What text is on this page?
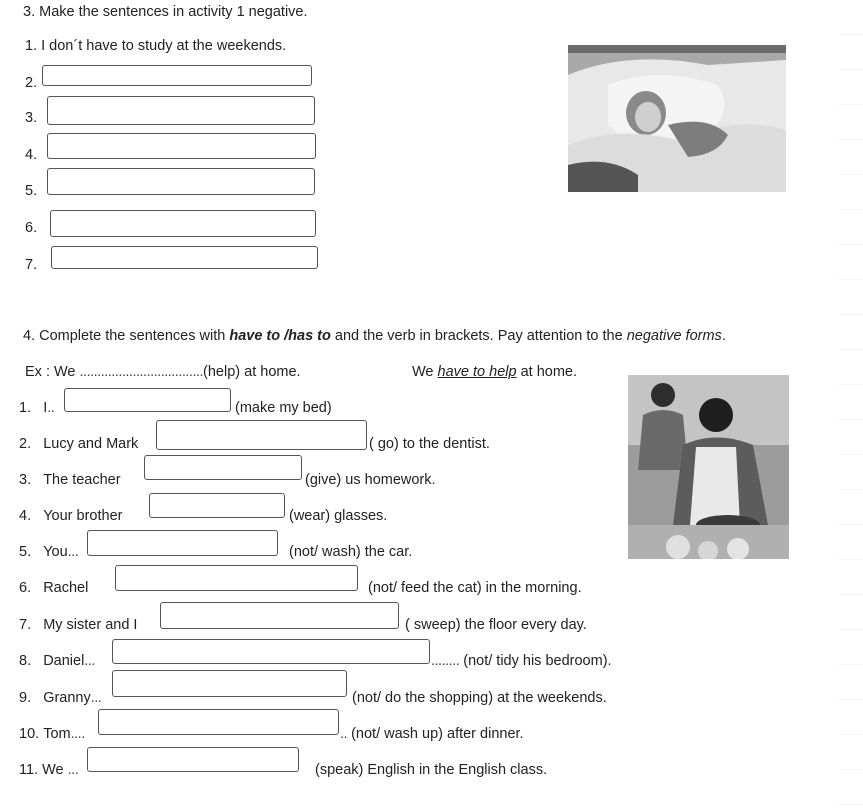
3. Make the sentences in activity 1 negative.
1. I don´t have to study at the weekends.
2.
3.
4.
5.
6.
7.
4. Complete the sentences with have to /has to and the verb in brackets. Pay attention to the negative forms.
Ex : We ...................................(help) at home.	We have to help at home.
1. I..	(make my bed)
2. Lucy and Mark	( go) to the dentist.
3. The teacher	(give) us homework.
4. Your brother	(wear) glasses.
5. You...	(not/ wash) the car.
6. Rachel	(not/ feed the cat) in the morning.
7. My sister and I	( sweep) the floor every day.
8. Daniel...	........ (not/ tidy his bedroom).
9. Granny...	(not/ do the shopping) at the weekends.
10. Tom....	.. (not/ wash up) after dinner.
11. We ...	(speak) English in the English class.
